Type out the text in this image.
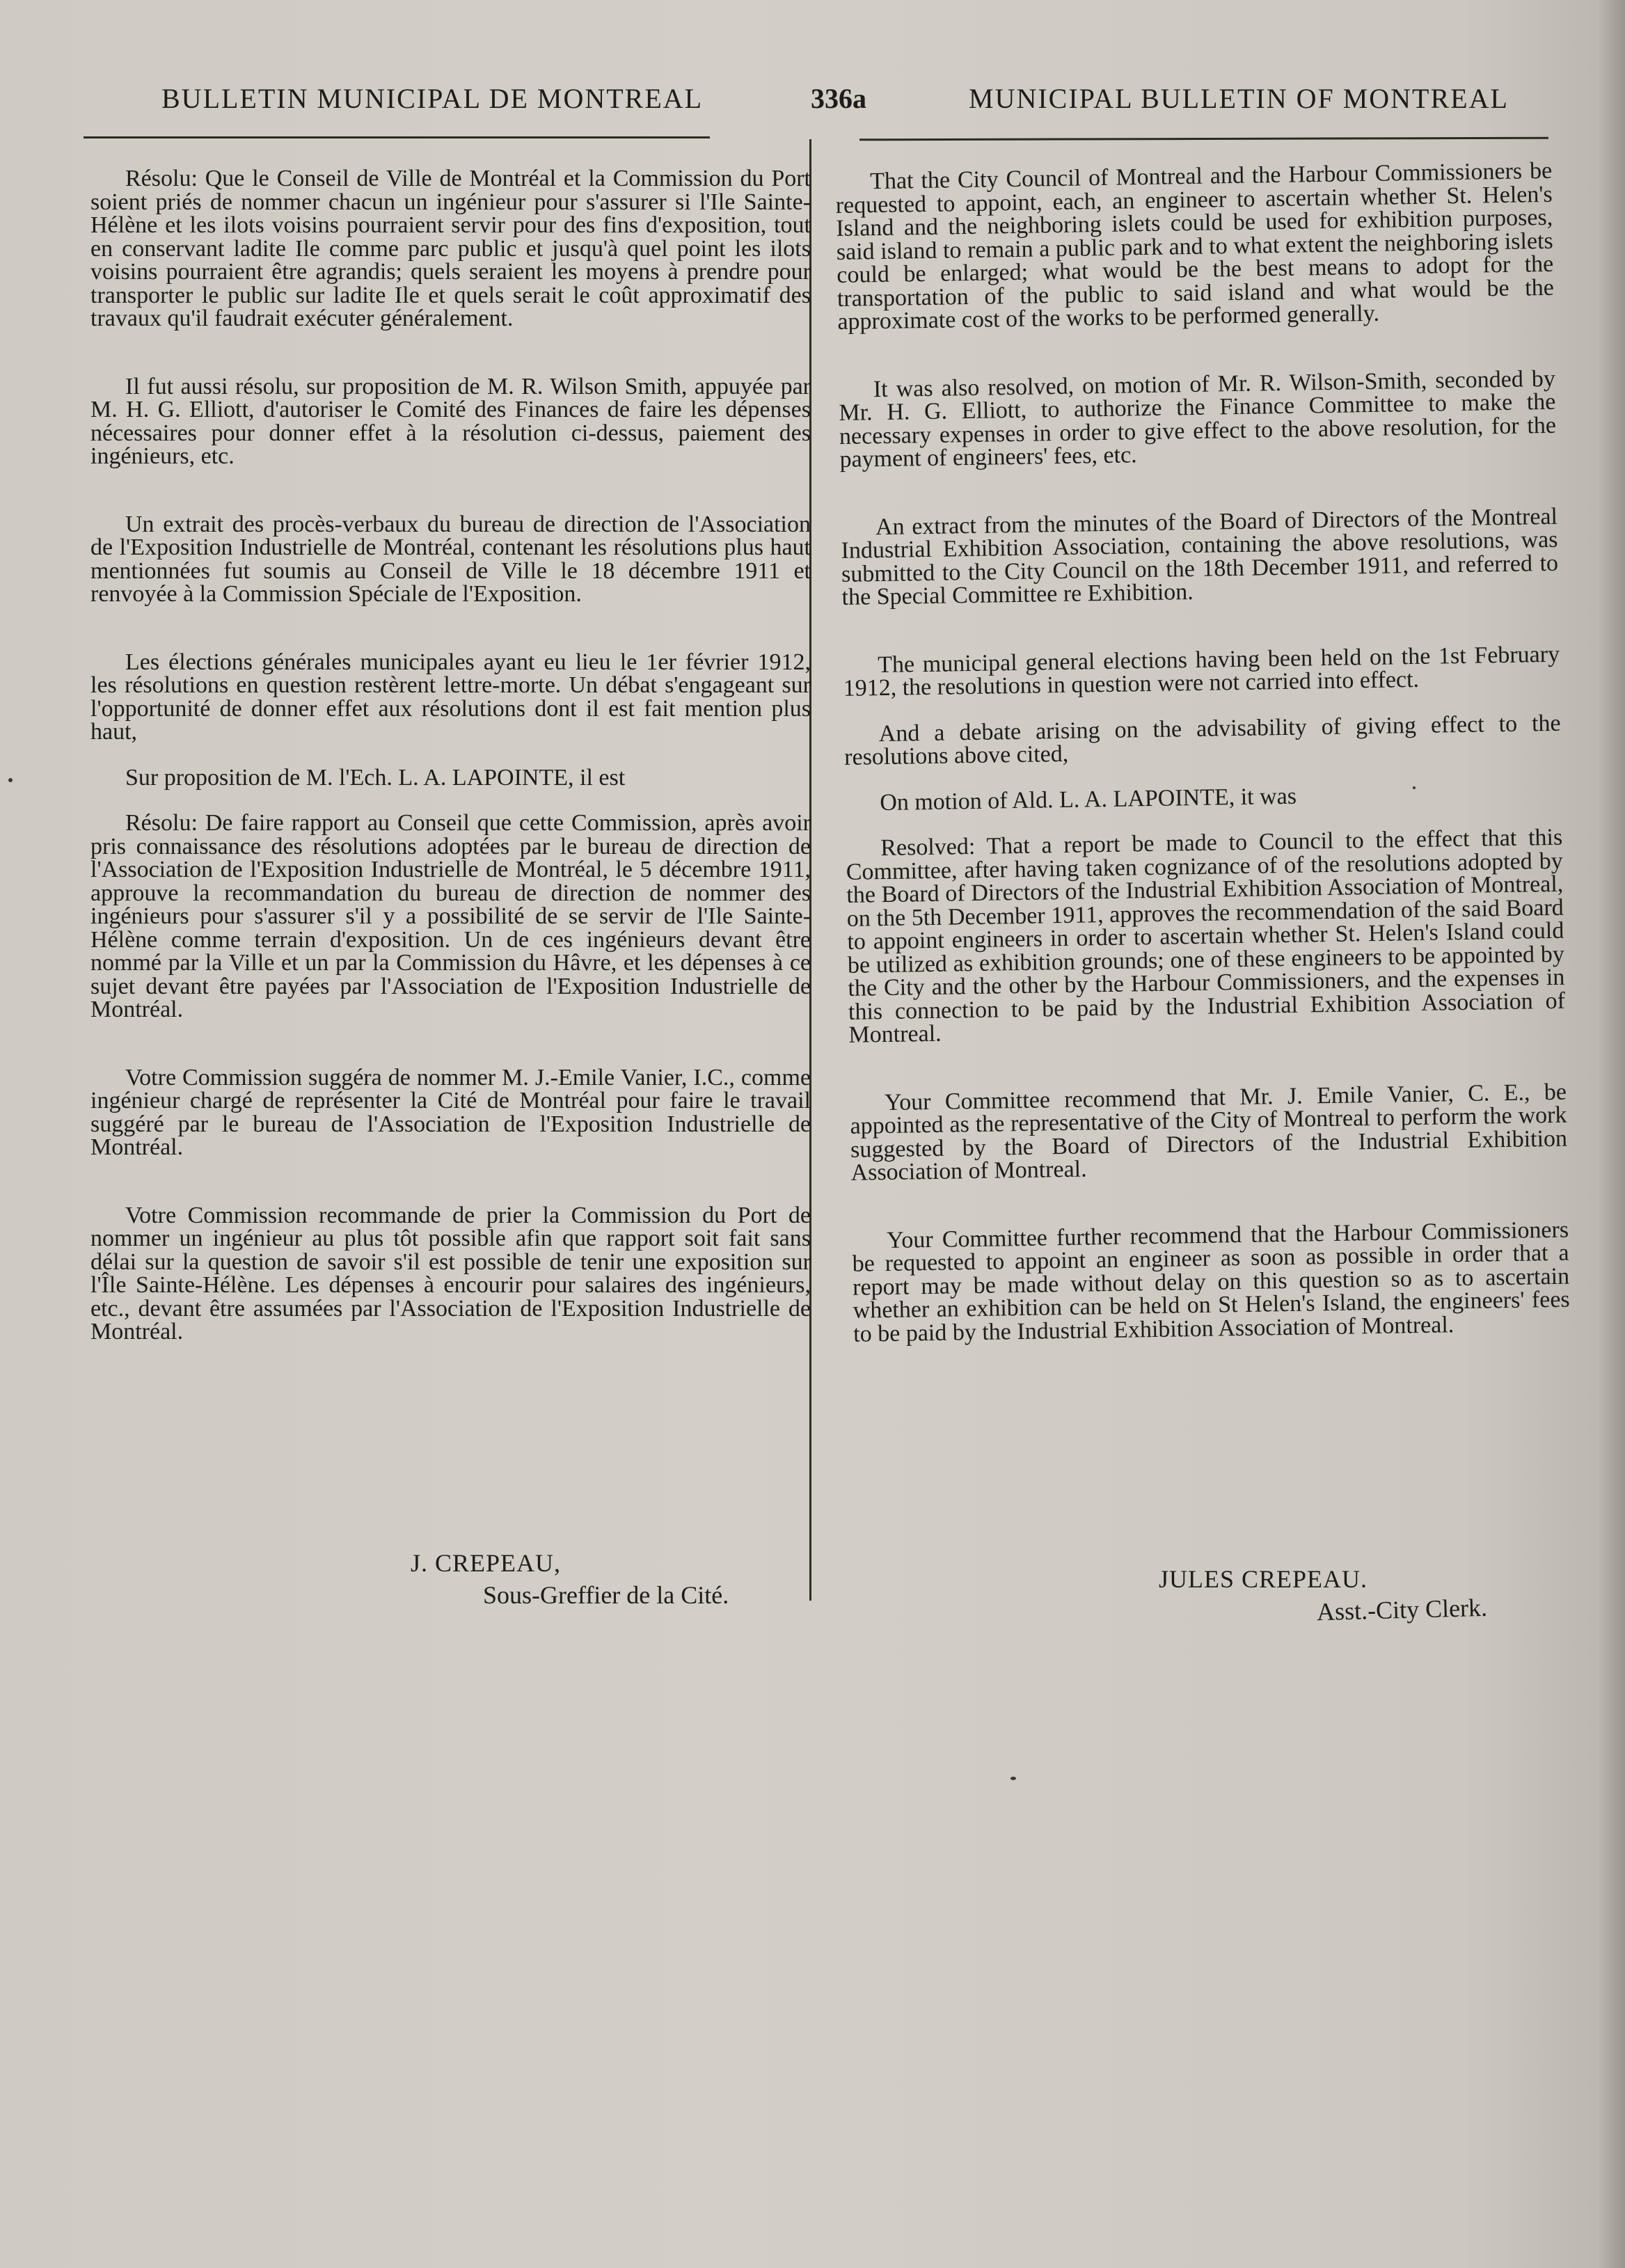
BULLETIN MUNICIPAL DE MONTREAL	336a	MUNICIPAL BULLETIN OF MONTREAL

Résolu: Que le Conseil de Ville de Montréal et la Commission du Port soient priés de nommer chacun un ingénieur pour s'assurer si l'Ile Sainte-Hélène et les ilots voisins pourraient servir pour des fins d'exposition, tout en conservant ladite Ile comme parc public et jusqu'à quel point les ilots voisins pourraient être agrandis; quels seraient les moyens à prendre pour transporter le public sur ladite Ile et quels serait le coût approximatif des travaux qu'il faudrait exécuter généralement.

Il fut aussi résolu, sur proposition de M. R. Wilson Smith, appuyée par M. H. G. Elliott, d'autoriser le Comité des Finances de faire les dépenses nécessaires pour donner effet à la résolution ci-dessus, paiement des ingénieurs, etc.

Un extrait des procès-verbaux du bureau de direction de l'Association de l'Exposition Industrielle de Montréal, contenant les résolutions plus haut mentionnées fut soumis au Conseil de Ville le 18 décembre 1911 et renvoyée à la Commission Spéciale de l'Exposition.

Les élections générales municipales ayant eu lieu le 1er février 1912, les résolutions en question restèrent lettre-morte. Un débat s'engageant sur l'opportunité de donner effet aux résolutions dont il est fait mention plus haut,

Sur proposition de M. l'Ech. L. A. LAPOINTE, il est

Résolu: De faire rapport au Conseil que cette Commission, après avoir pris connaissance des résolutions adoptées par le bureau de direction de l'Association de l'Exposition Industrielle de Montréal, le 5 décembre 1911, approuve la recommandation du bureau de direction de nommer des ingénieurs pour s'assurer s'il y a possibilité de se servir de l'Ile Sainte-Hélène comme terrain d'exposition. Un de ces ingénieurs devant être nommé par la Ville et un par la Commission du Hâvre, et les dépenses à ce sujet devant être payées par l'Association de l'Exposition Industrielle de Montréal.

Votre Commission suggéra de nommer M. J.-Emile Vanier, I.C., comme ingénieur chargé de représenter la Cité de Montréal pour faire le travail suggéré par le bureau de l'Association de l'Exposition Industrielle de Montréal.

Votre Commission recommande de prier la Commission du Port de nommer un ingénieur au plus tôt possible afin que rapport soit fait sans délai sur la question de savoir s'il est possible de tenir une exposition sur l'Île Sainte-Hélène. Les dépenses à encourir pour salaires des ingénieurs, etc., devant être assumées par l'Association de l'Exposition Industrielle de Montréal.

J. CREPEAU,
Sous-Greffier de la Cité.

That the City Council of Montreal and the Harbour Commissioners be requested to appoint, each, an engineer to ascertain whether St. Helen's Island and the neighboring islets could be used for exhibition purposes, said island to remain a public park and to what extent the neighboring islets could be enlarged; what would be the best means to adopt for the transportation of the public to said island and what would be the approximate cost of the works to be performed generally.

It was also resolved, on motion of Mr. R. Wilson-Smith, seconded by Mr. H. G. Elliott, to authorize the Finance Committee to make the necessary expenses in order to give effect to the above resolution, for the payment of engineers' fees, etc.

An extract from the minutes of the Board of Directors of the Montreal Industrial Exhibition Association, containing the above resolutions, was submitted to the City Council on the 18th December 1911, and referred to the Special Committee re Exhibition.

The municipal general elections having been held on the 1st February 1912, the resolutions in question were not carried into effect.

And a debate arising on the advisability of giving effect to the resolutions above cited,

On motion of Ald. L. A. LAPOINTE, it was

Resolved: That a report be made to Council to the effect that this Committee, after having taken cognizance of of the resolutions adopted by the Board of Directors of the Industrial Exhibition Association of Montreal, on the 5th December 1911, approves the recommendation of the said Board to appoint engineers in order to ascertain whether St. Helen's Island could be utilized as exhibition grounds; one of these engineers to be appointed by the City and the other by the Harbour Commissioners, and the expenses in this connection to be paid by the Industrial Exhibition Association of Montreal.

Your Committee recommend that Mr. J. Emile Vanier, C. E., be appointed as the representative of the City of Montreal to perform the work suggested by the Board of Directors of the Industrial Exhibition Association of Montreal.

Your Committee further recommend that the Harbour Commissioners be requested to appoint an engineer as soon as possible in order that a report may be made without delay on this question so as to ascertain whether an exhibition can be held on St Helen's Island, the engineers' fees to be paid by the Industrial Exhibition Association of Montreal.

JULES CREPEAU.
Asst.-City Clerk.
